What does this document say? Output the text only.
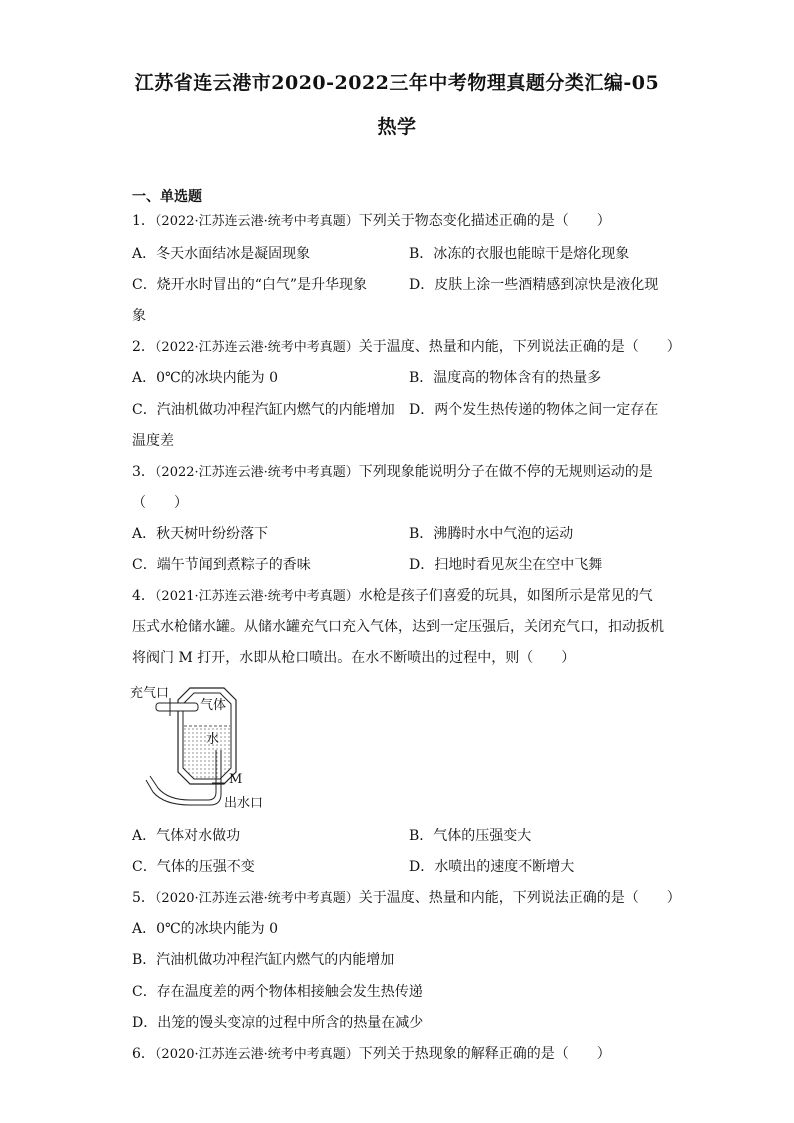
江苏省连云港市2020-2022三年中考物理真题分类汇编-05
热学
一、单选题
1．（2022·江苏连云港·统考中考真题）下列关于物态变化描述正确的是（　　）
A．冬天水面结冰是凝固现象	B．冰冻的衣服也能晾干是熔化现象
C．烧开水时冒出的“白气”是升华现象	D．皮肤上涂一些酒精感到凉快是液化现
象
2．（2022·江苏连云港·统考中考真题）关于温度、热量和内能，下列说法正确的是（　　）
A．0℃的冰块内能为 0	B．温度高的物体含有的热量多
C．汽油机做功冲程汽缸内燃气的内能增加 D．两个发生热传递的物体之间一定存在
温度差
3．（2022·江苏连云港·统考中考真题）下列现象能说明分子在做不停的无规则运动的是
（　　）
A．秋天树叶纷纷落下	B．沸腾时水中气泡的运动
C．端午节闻到煮粽子的香味	D．扫地时看见灰尘在空中飞舞
4．（2021·江苏连云港·统考中考真题）水枪是孩子们喜爱的玩具，如图所示是常见的气
压式水枪储水罐。从储水罐充气口充入气体，达到一定压强后，关闭充气口，扣动扳机
将阀门 M 打开，水即从枪口喷出。在水不断喷出的过程中，则（　　）
充气口
气体
水
M
出水口
A．气体对水做功	B．气体的压强变大
C．气体的压强不变	D．水喷出的速度不断增大
5．（2020·江苏连云港·统考中考真题）关于温度、热量和内能，下列说法正确的是（　　）
A．0℃的冰块内能为 0
B．汽油机做功冲程汽缸内燃气的内能增加
C．存在温度差的两个物体相接触会发生热传递
D．出笼的馒头变凉的过程中所含的热量在减少
6．（2020·江苏连云港·统考中考真题）下列关于热现象的解释正确的是（　　）
